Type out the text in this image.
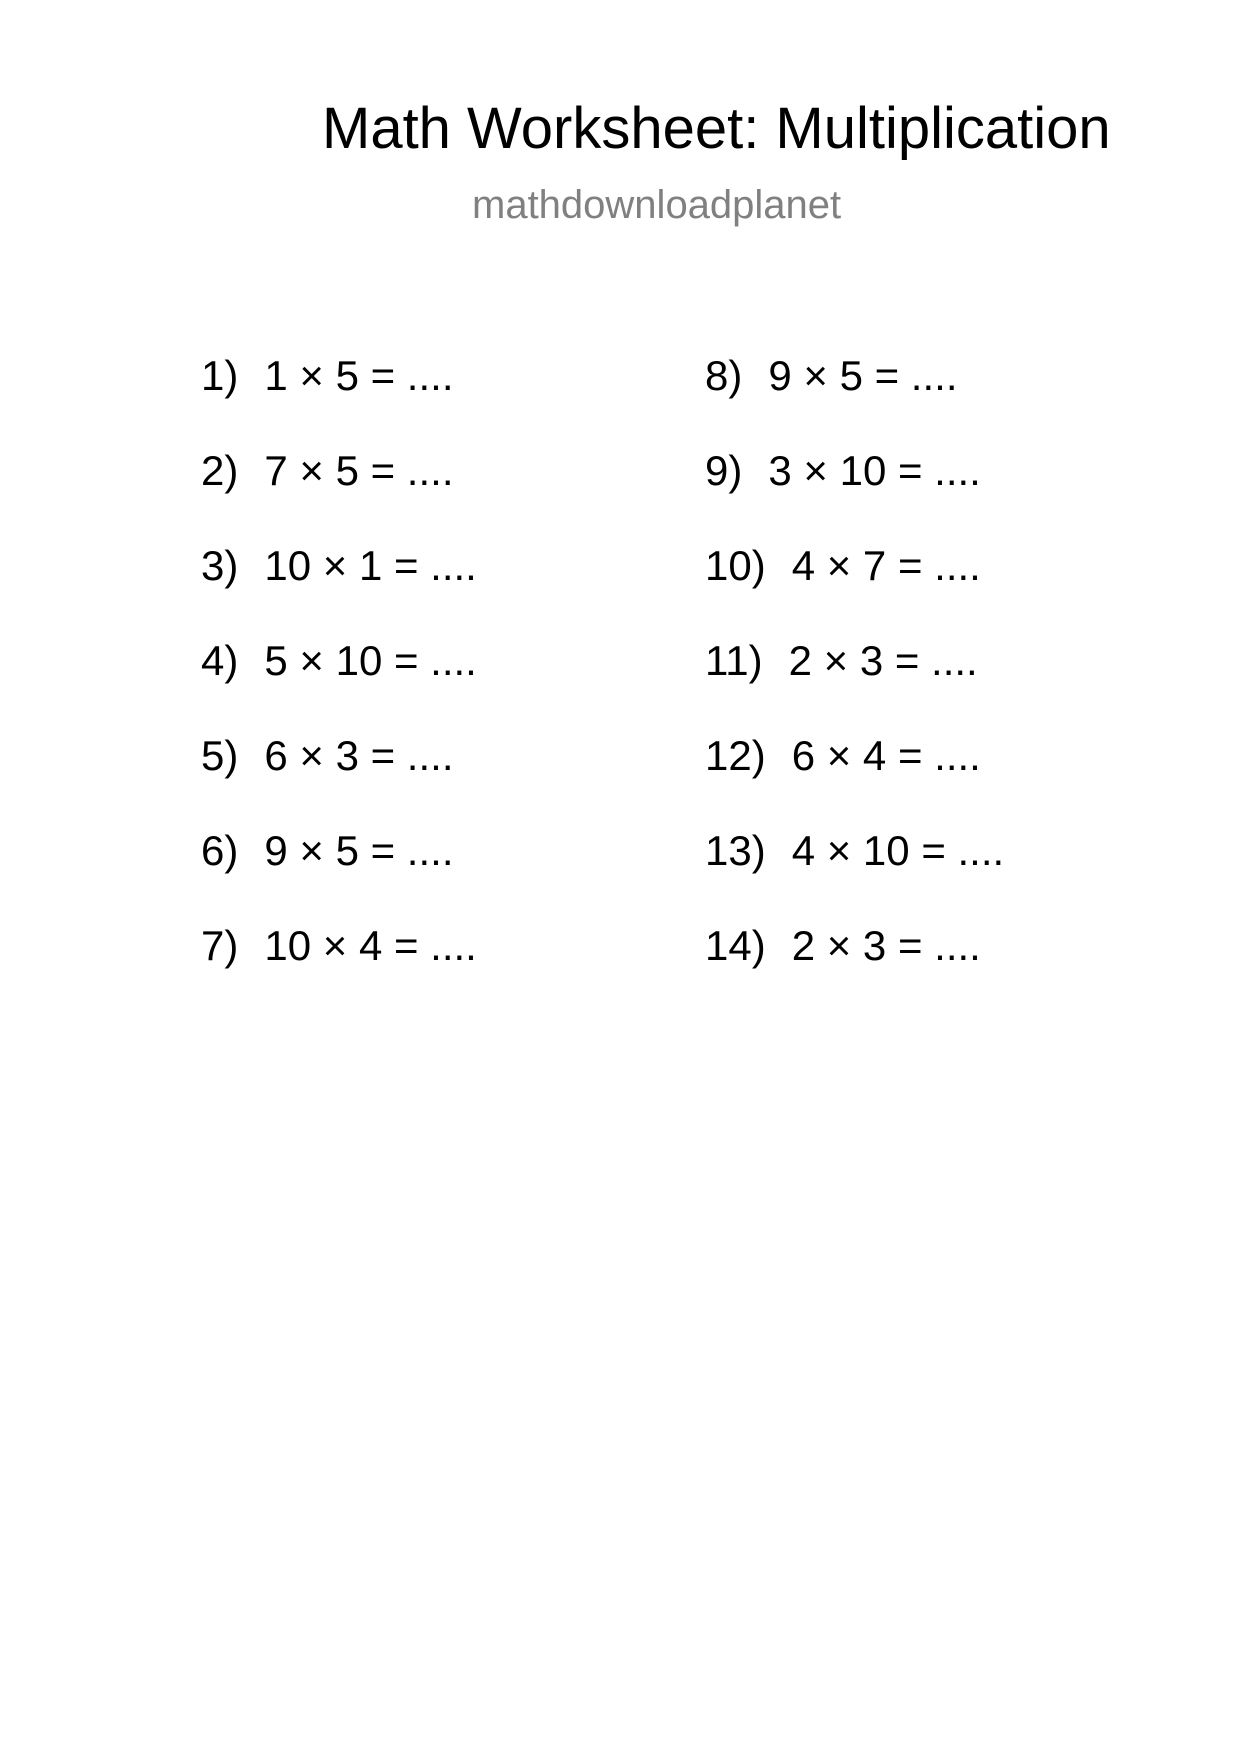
Math Worksheet: Multiplication
mathdownloadplanet
1) 1 × 5 = ....
2) 7 × 5 = ....
3) 10 × 1 = ....
4) 5 × 10 = ....
5) 6 × 3 = ....
6) 9 × 5 = ....
7) 10 × 4 = ....
8) 9 × 5 = ....
9) 3 × 10 = ....
10) 4 × 7 = ....
11) 2 × 3 = ....
12) 6 × 4 = ....
13) 4 × 10 = ....
14) 2 × 3 = ....
